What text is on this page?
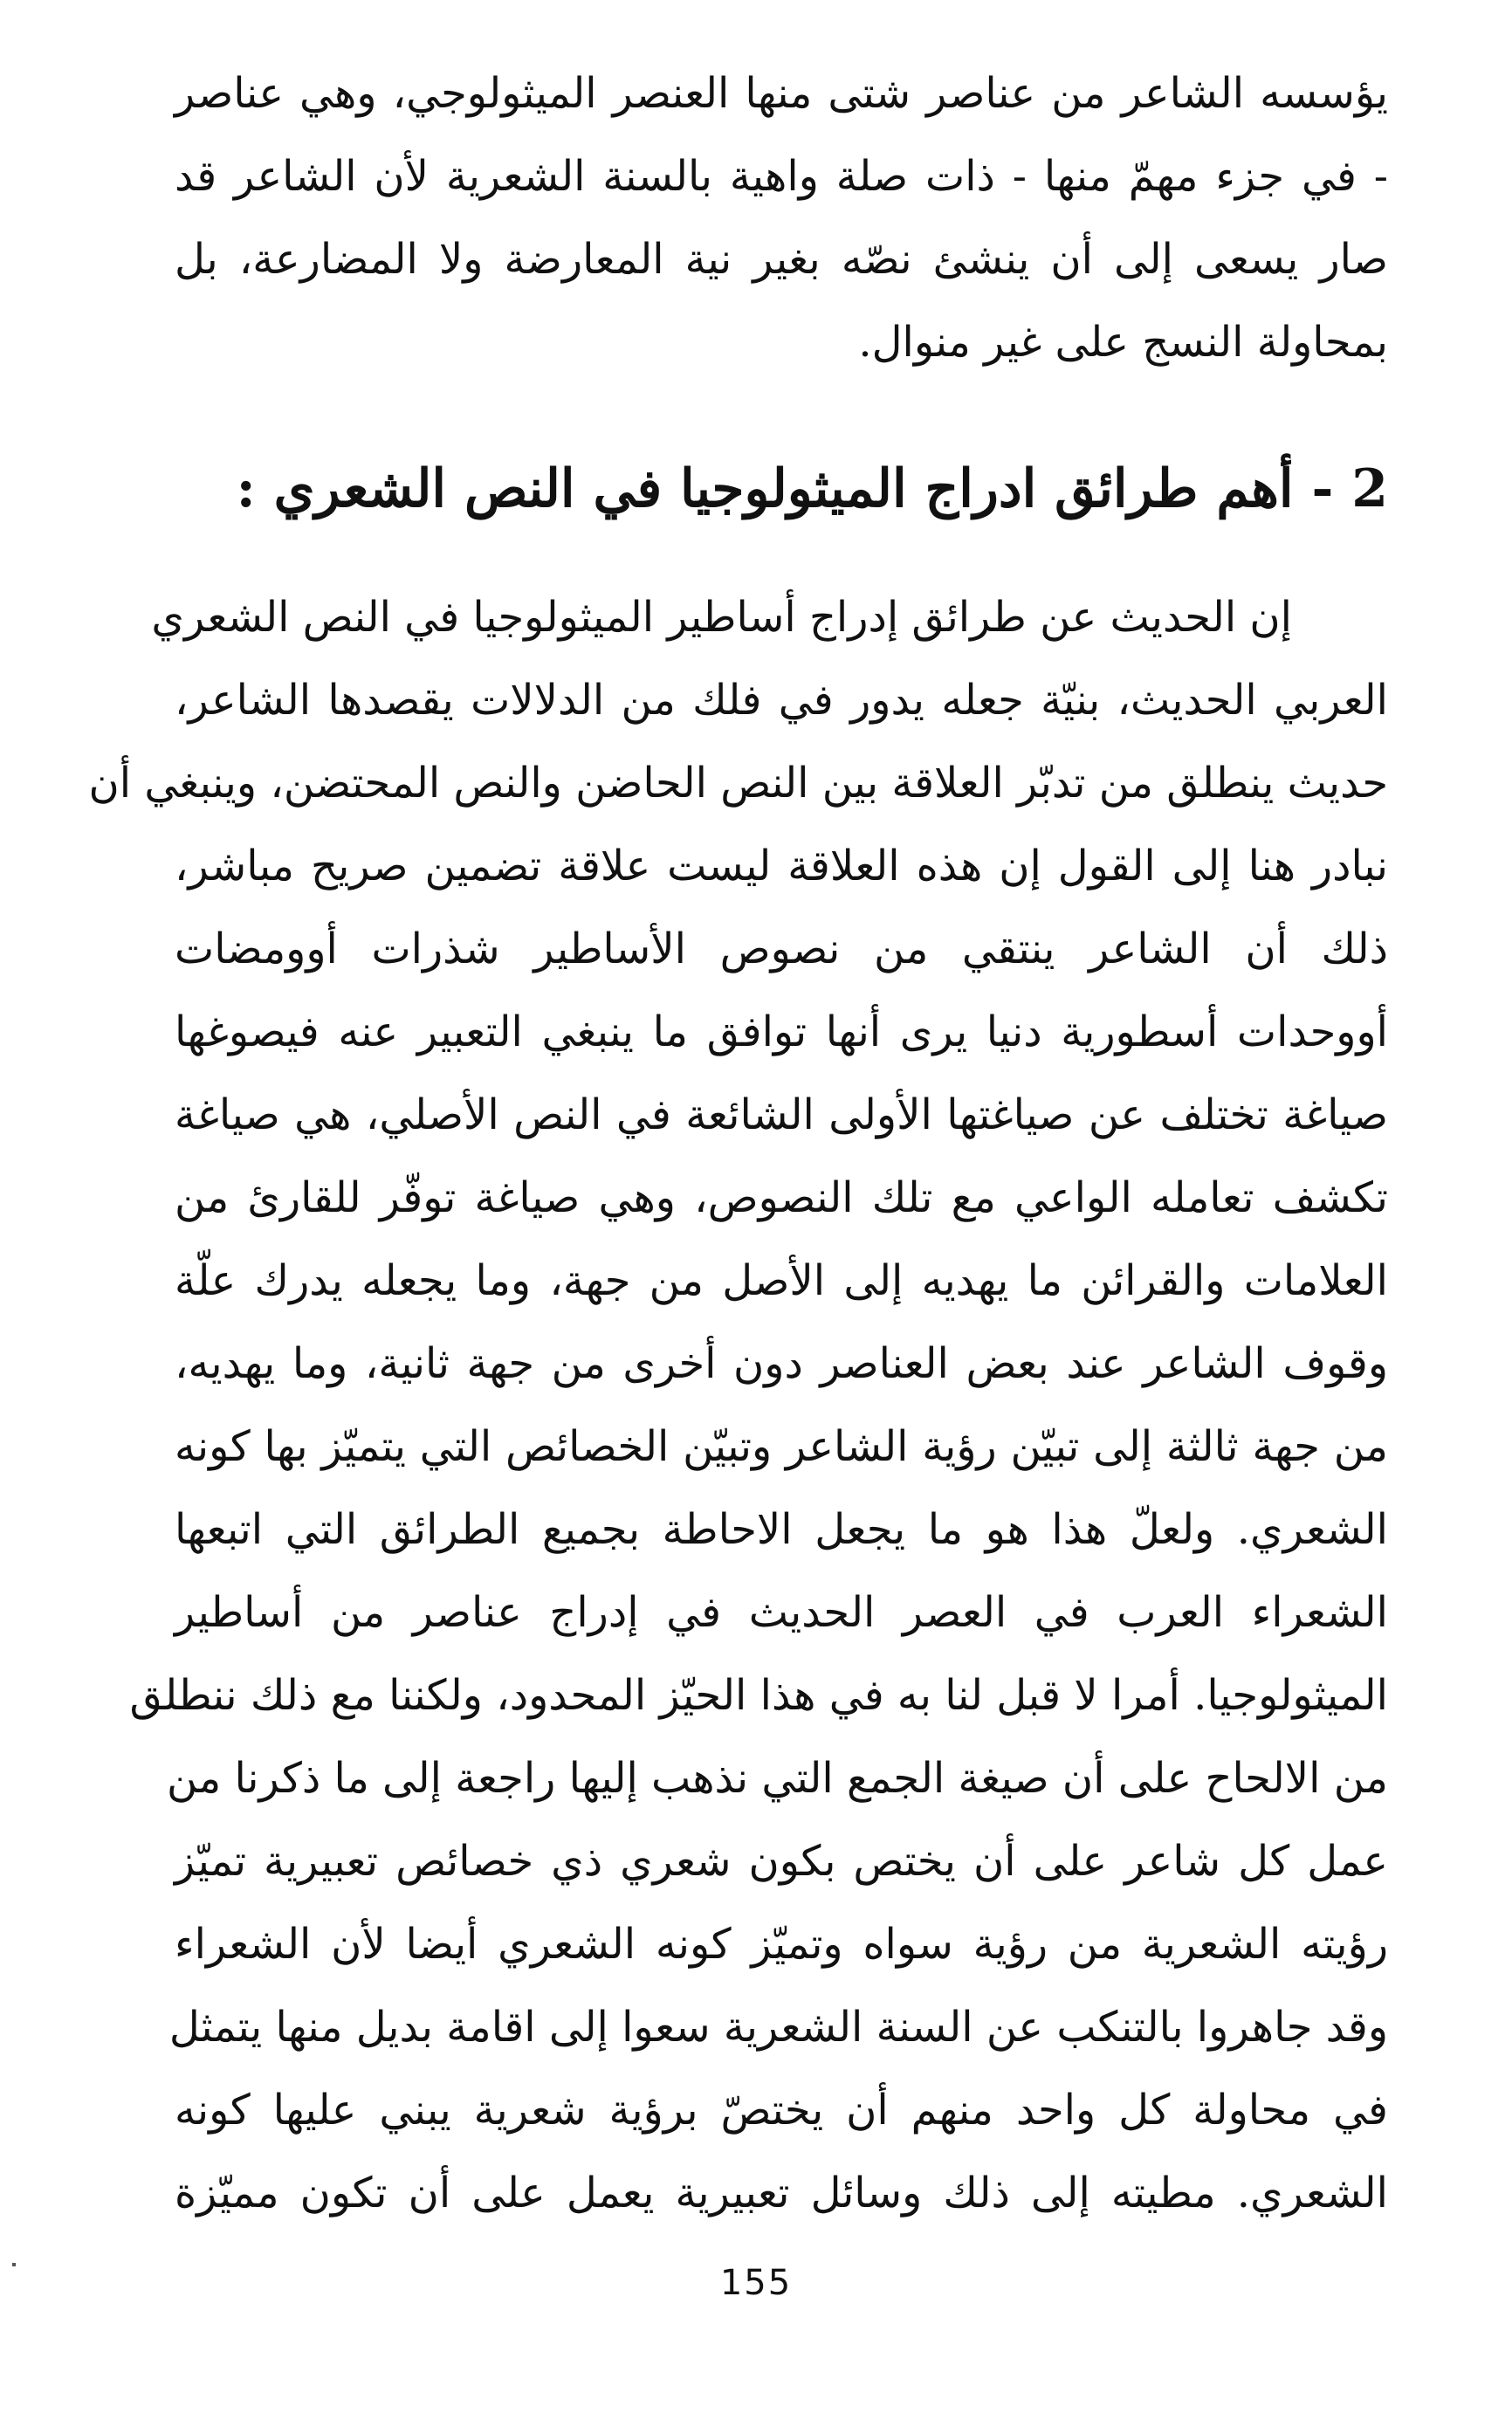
يؤسسه الشاعر من عناصر شتى منها العنصر الميثولوجي، وهي عناصر
- في جزء مهمّ منها - ذات صلة واهية بالسنة الشعرية لأن الشاعر قد
صار يسعى إلى أن ينشئ نصّه بغير نية المعارضة ولا المضارعة، بل
بمحاولة النسج على غير منوال.

2 - أهم طرائق ادراج الميثولوجيا في النص الشعري :

إن الحديث عن طرائق إدراج أساطير الميثولوجيا في النص الشعري
العربي الحديث، بنيّة جعله يدور في فلك من الدلالات يقصدها الشاعر،
حديث ينطلق من تدبّر العلاقة بين النص الحاضن والنص المحتضن، وينبغي أن
نبادر هنا إلى القول إن هذه العلاقة ليست علاقة تضمين صريح مباشر،
ذلك أن الشاعر ينتقي من نصوص الأساطير شذرات أوومضات
أووحدات أسطورية دنيا يرى أنها توافق ما ينبغي التعبير عنه فيصوغها
صياغة تختلف عن صياغتها الأولى الشائعة في النص الأصلي، هي صياغة
تكشف تعامله الواعي مع تلك النصوص، وهي صياغة توفّر للقارئ من
العلامات والقرائن ما يهديه إلى الأصل من جهة، وما يجعله يدرك علّة
وقوف الشاعر عند بعض العناصر دون أخرى من جهة ثانية، وما يهديه،
من جهة ثالثة إلى تبيّن رؤية الشاعر وتبيّن الخصائص التي يتميّز بها كونه
الشعري. ولعلّ هذا هو ما يجعل الاحاطة بجميع الطرائق التي اتبعها
الشعراء العرب في العصر الحديث في إدراج عناصر من أساطير
الميثولوجيا. أمرا لا قبل لنا به في هذا الحيّز المحدود، ولكننا مع ذلك ننطلق
من الالحاح على أن صيغة الجمع التي نذهب إليها راجعة إلى ما ذكرنا من
عمل كل شاعر على أن يختص بكون شعري ذي خصائص تعبيرية تميّز
رؤيته الشعرية من رؤية سواه وتميّز كونه الشعري أيضا لأن الشعراء
وقد جاهروا بالتنكب عن السنة الشعرية سعوا إلى اقامة بديل منها يتمثل
في محاولة كل واحد منهم أن يختصّ برؤية شعرية يبني عليها كونه
الشعري. مطيته إلى ذلك وسائل تعبيرية يعمل على أن تكون مميّزة

155
